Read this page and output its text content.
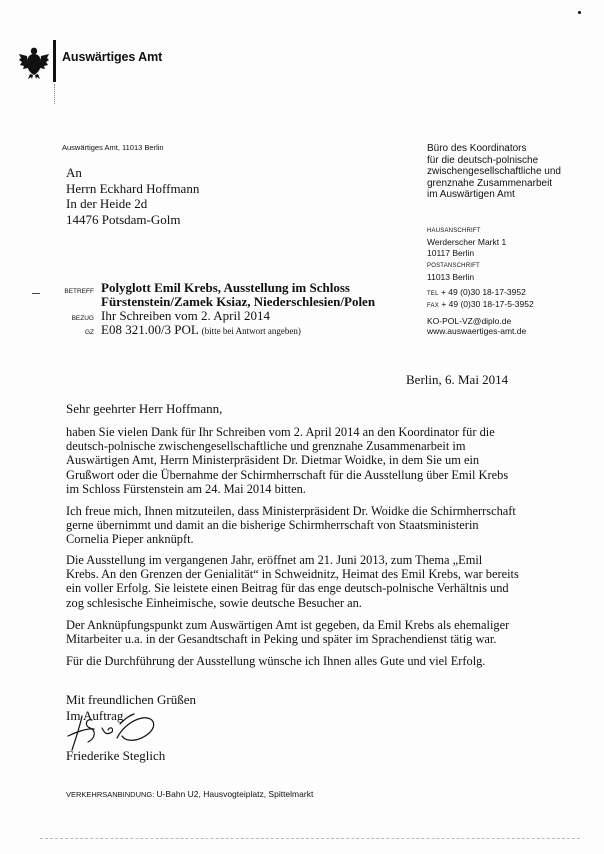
Auswärtiges Amt
Auswärtiges Amt, 11013 Berlin
An
Herrn Eckhard Hoffmann
In der Heide 2d
14476 Potsdam-Golm
Büro des Koordinators
für die deutsch-polnische
zwischengesellschaftliche und
grenznahe Zusammenarbeit
im Auswärtigen Amt
HAUSANSCHRIFT
Werderscher Markt 1
10117 Berlin
POSTANSCHRIFT
11013 Berlin
TEL + 49 (0)30 18-17-3952
FAX + 49 (0)30 18-17-5-3952
KO-POL-VZ@diplo.de
www.auswaertiges-amt.de
BETREFF Polyglott Emil Krebs, Ausstellung im Schloss
Fürstenstein/Zamek Ksiaz, Niederschlesien/Polen
BEZUG Ihr Schreiben vom 2. April 2014
GZ E08 321.00/3 POL (bitte bei Antwort angeben)
Berlin, 6. Mai 2014
Sehr geehrter Herr Hoffmann,
haben Sie vielen Dank für Ihr Schreiben vom 2. April 2014 an den Koordinator für die
deutsch-polnische zwischengesellschaftliche und grenznahe Zusammenarbeit im
Auswärtigen Amt, Herrn Ministerpräsident Dr. Dietmar Woidke, in dem Sie um ein
Grußwort oder die Übernahme der Schirmherrschaft für die Ausstellung über Emil Krebs
im Schloss Fürstenstein am 24. Mai 2014 bitten.
Ich freue mich, Ihnen mitzuteilen, dass Ministerpräsident Dr. Woidke die Schirmherrschaft
gerne übernimmt und damit an die bisherige Schirmherrschaft von Staatsministerin
Cornelia Pieper anknüpft.
Die Ausstellung im vergangenen Jahr, eröffnet am 21. Juni 2013, zum Thema „Emil
Krebs. An den Grenzen der Genialität“ in Schweidnitz, Heimat des Emil Krebs, war bereits
ein voller Erfolg. Sie leistete einen Beitrag für das enge deutsch-polnische Verhältnis und
zog schlesische Einheimische, sowie deutsche Besucher an.
Der Anknüpfungspunkt zum Auswärtigen Amt ist gegeben, da Emil Krebs als ehemaliger
Mitarbeiter u.a. in der Gesandtschaft in Peking und später im Sprachendienst tätig war.
Für die Durchführung der Ausstellung wünsche ich Ihnen alles Gute und viel Erfolg.
Mit freundlichen Grüßen
Im Auftrag
Friederike Steglich
VERKEHRSANBINDUNG: U-Bahn U2, Hausvogteiplatz, Spittelmarkt
